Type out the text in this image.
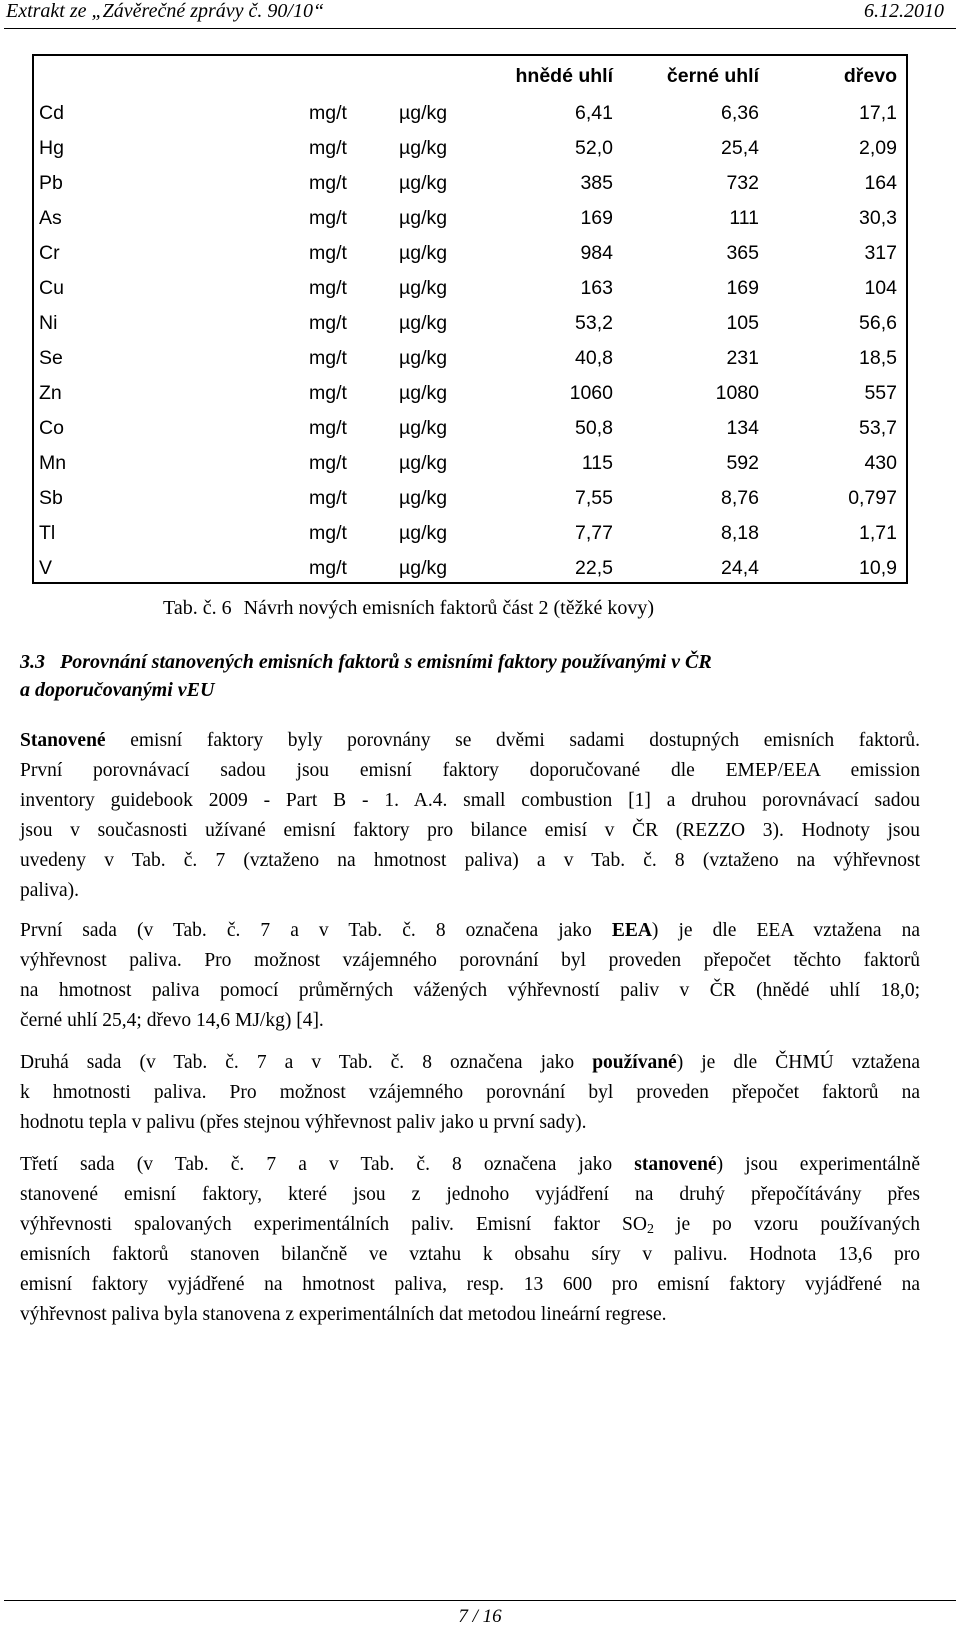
Extrakt ze „Závěrečné zprávy č. 90/10“	6.12.2010
			hnědé uhlí	černé uhlí	dřevo
Cd	mg/t	µg/kg	6,41	6,36	17,1
Hg	mg/t	µg/kg	52,0	25,4	2,09
Pb	mg/t	µg/kg	385	732	164
As	mg/t	µg/kg	169	111	30,3
Cr	mg/t	µg/kg	984	365	317
Cu	mg/t	µg/kg	163	169	104
Ni	mg/t	µg/kg	53,2	105	56,6
Se	mg/t	µg/kg	40,8	231	18,5
Zn	mg/t	µg/kg	1060	1080	557
Co	mg/t	µg/kg	50,8	134	53,7
Mn	mg/t	µg/kg	115	592	430
Sb	mg/t	µg/kg	7,55	8,76	0,797
Tl	mg/t	µg/kg	7,77	8,18	1,71
V	mg/t	µg/kg	22,5	24,4	10,9
Tab. č. 6 Návrh nových emisních faktorů část 2 (těžké kovy)
3.3 Porovnání stanovených emisních faktorů s emisními faktory používanými v ČR
a doporučovanými vEU
Stanovené emisní faktory byly porovnány se dvěmi sadami dostupných emisních faktorů.
První porovnávací sadou jsou emisní faktory doporučované dle EMEP/EEA emission
inventory guidebook 2009 - Part B - 1. A.4. small combustion [1] a druhou porovnávací sadou
jsou v současnosti užívané emisní faktory pro bilance emisí v ČR (REZZO 3). Hodnoty jsou
uvedeny v Tab. č. 7 (vztaženo na hmotnost paliva) a v Tab. č. 8 (vztaženo na výhřevnost
paliva).
První sada (v Tab. č. 7 a v Tab. č. 8 označena jako EEA) je dle EEA vztažena na
výhřevnost paliva. Pro možnost vzájemného porovnání byl proveden přepočet těchto faktorů
na hmotnost paliva pomocí průměrných vážených výhřevností paliv v ČR (hnědé uhlí 18,0;
černé uhlí 25,4; dřevo 14,6 MJ/kg) [4].
Druhá sada (v Tab. č. 7 a v Tab. č. 8 označena jako používané) je dle ČHMÚ vztažena
k hmotnosti paliva. Pro možnost vzájemného porovnání byl proveden přepočet faktorů na
hodnotu tepla v palivu (přes stejnou výhřevnost paliv jako u první sady).
Třetí sada (v Tab. č. 7 a v Tab. č. 8 označena jako stanovené) jsou experimentálně
stanovené emisní faktory, které jsou z jednoho vyjádření na druhý přepočítávány přes
výhřevnosti spalovaných experimentálních paliv. Emisní faktor $SO_2$ je po vzoru používaných
emisních faktorů stanoven bilančně ve vztahu k obsahu síry v palivu. Hodnota 13,6 pro
emisní faktory vyjádřené na hmotnost paliva, resp. 13 600 pro emisní faktory vyjádřené na
výhřevnost paliva byla stanovena z experimentálních dat metodou lineární regrese.
7 / 16
